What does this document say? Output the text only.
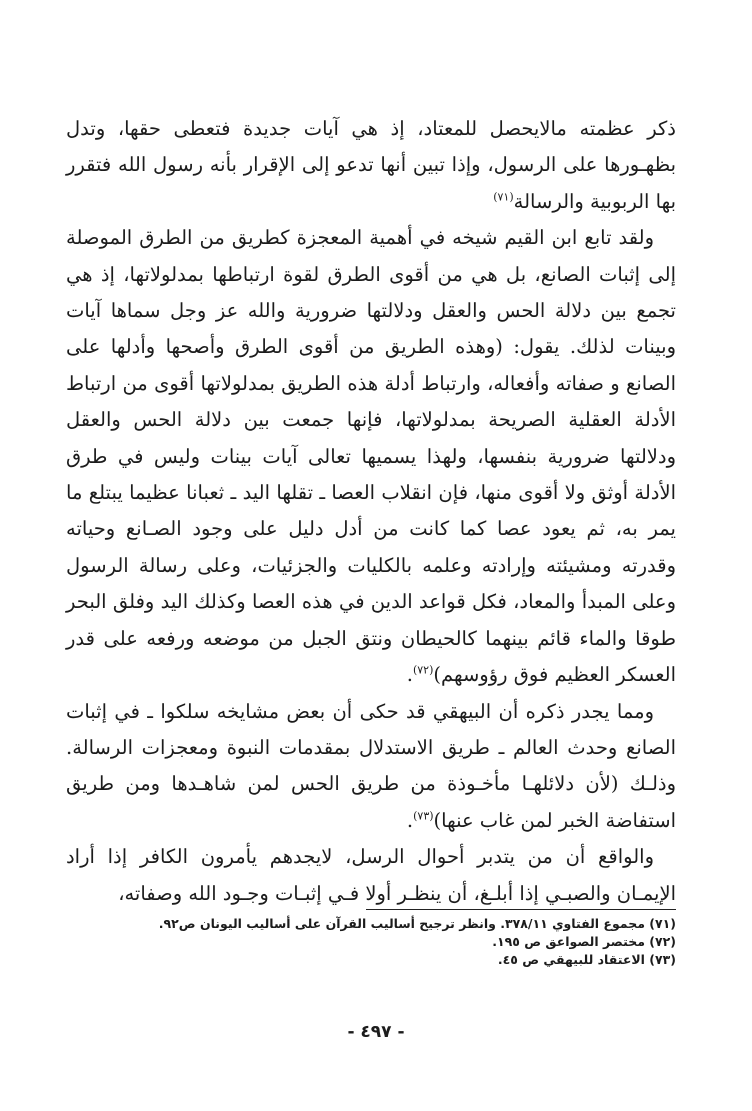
ذكر عظمته مالايحصل للمعتاد، إذ هي آيات جديدة فتعطى حقها، وتدل بظهـورها على الرسول، وإذا تبين أنها تدعو إلى الإقرار بأنه رسول الله فتقرر بها الربوبية والرسالة$^{(٧١)}$

ولقد تابع ابن القيم شيخه في أهمية المعجزة كطريق من الطرق الموصلة إلى إثبات الصانع، بل هي من أقوى الطرق لقوة ارتباطها بمدلولاتها، إذ هي تجمع بين دلالة الحس والعقل ودلالتها ضرورية والله عز وجل سماها آيات وبينات لذلك. يقول: (وهذه الطريق من أقوى الطرق وأصحها وأدلها على الصانع و صفاته وأفعاله، وارتباط أدلة هذه الطريق بمدلولاتها أقوى من ارتباط الأدلة العقلية الصريحة بمدلولاتها، فإنها جمعت بين دلالة الحس والعقل ودلالتها ضرورية بنفسها، ولهذا يسميها تعالى آيات بينات وليس في طرق الأدلة أوثق ولا أقوى منها، فإن انقلاب العصا ـ تقلها اليد ـ ثعبانا عظيما يبتلع ما يمر به، ثم يعود عصا كما كانت من أدل دليل على وجود الصـانع وحياته وقدرته ومشيئته وإرادته وعلمه بالكليات والجزئيات، وعلى رسالة الرسول وعلى المبدأ والمعاد، فكل قواعد الدين في هذه العصا وكذلك اليد وفلق البحر طوقا والماء قائم بينهما كالحيطان ونتق الجبل من موضعه ورفعه على قدر العسكر العظيم فوق رؤوسهم)$^{(٧٢)}$.

ومما يجدر ذكره أن البيهقي قد حكى أن بعض مشايخه سلكوا ـ في إثبات الصانع وحدث العالم ـ طريق الاستدلال بمقدمات النبوة ومعجزات الرسالة. وذلـك (لأن دلائلهـا مأخـوذة من طريق الحس لمن شاهـدها ومن طريق استفاضة الخبر لمن غاب عنها)$^{(٧٣)}$.

والواقع أن من يتدبر أحوال الرسل، لايجدهم يأمرون الكافر إذا أراد الإيمـان والصبـي إذا أبلـغ، أن ينظـر أولا فـي إثبـات وجـود الله وصفاته،

(٧١) مجموع الفتاوي ٣٧٨/١١. وانظر ترجيح أساليب القرآن على أساليب اليونان ص٩٢.
(٧٢) مختصر الصواعق ص ١٩٥.
(٧٣) الاعتقاد للبيهقي ص ٤٥.
- ٤٩٧ -
